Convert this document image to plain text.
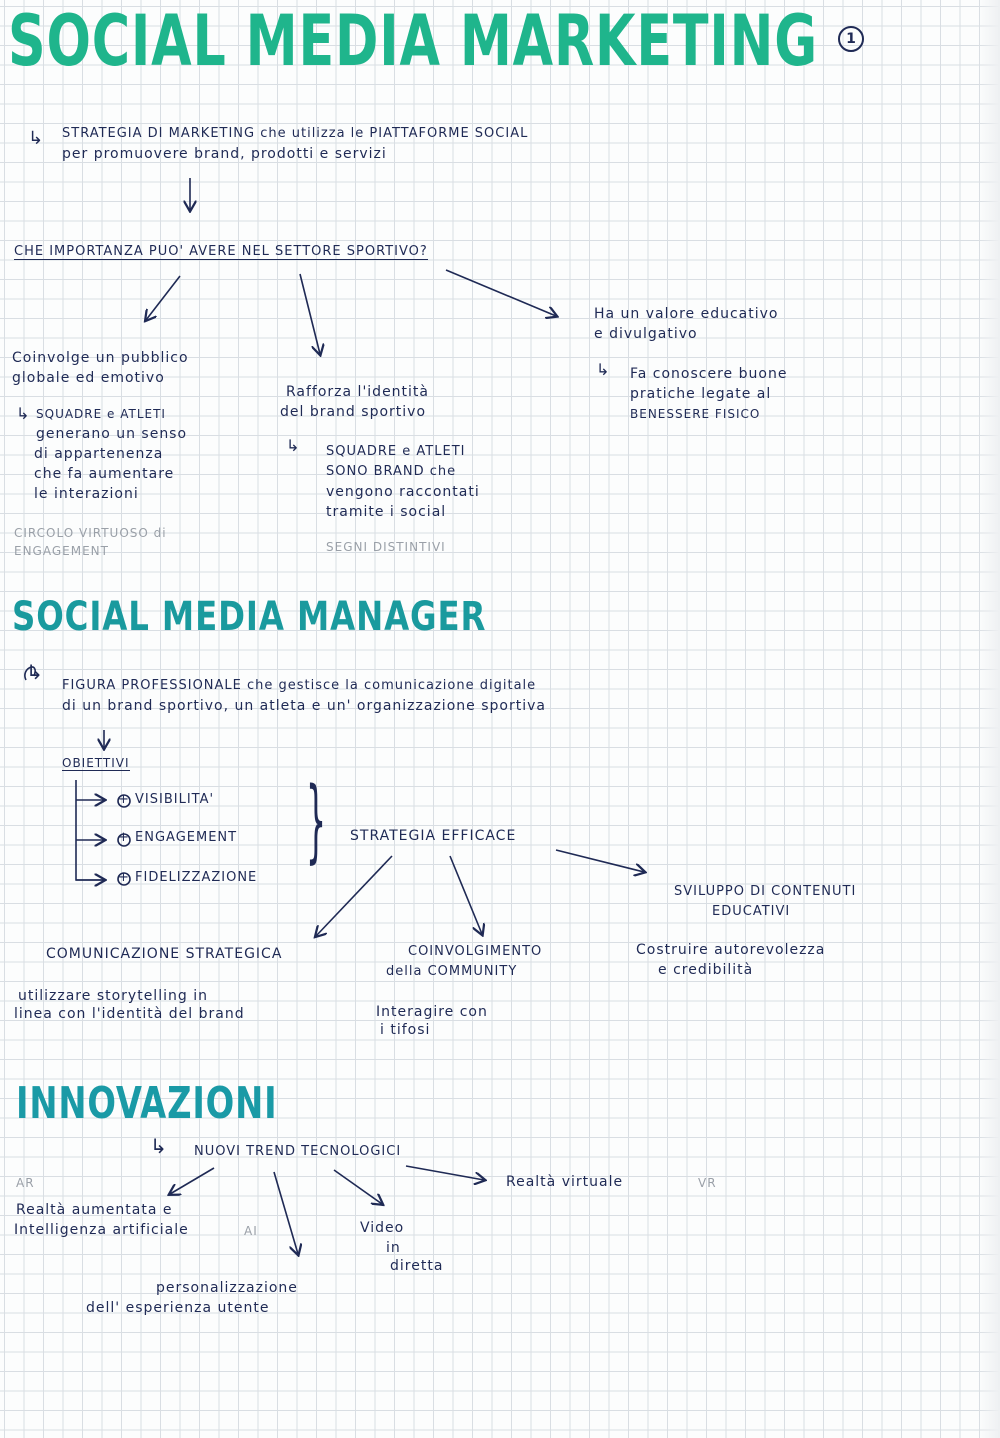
SOCIAL MEDIA MARKETING	1
↳ STRATEGIA DI MARKETING che utilizza le PIATTAFORME SOCIAL
per promuovere brand, prodotti e servizi
CHE IMPORTANZA PUO' AVERE NEL SETTORE SPORTIVO?
Coinvolge un pubblico
globale ed emotivo
↳ SQUADRE e ATLETI
generano un senso
di appartenenza
che fa aumentare
le interazioni
CIRCOLO VIRTUOSO di
ENGAGEMENT
Rafforza l'identità
del brand sportivo
↳ SQUADRE e ATLETI
SONO BRAND che
vengono raccontati
tramite i social
SEGNI DISTINTIVI
Ha un valore educativo
e divulgativo
↳ Fa conoscere buone
pratiche legate al
BENESSERE FISICO
SOCIAL MEDIA MANAGER
↳
FIGURA PROFESSIONALE che gestisce la comunicazione digitale
di un brand sportivo, un atleta e un' organizzazione sportiva
OBIETTIVI
+ VISIBILITA'
+ ENGAGEMENT
+ FIDELIZZAZIONE
} STRATEGIA EFFICACE
COMUNICAZIONE STRATEGICA
utilizzare storytelling in
linea con l'identità del brand
COINVOLGIMENTO
della COMMUNITY
Interagire con
i tifosi
SVILUPPO DI CONTENUTI
EDUCATIVI
Costruire autorevolezza
e credibilità
INNOVAZIONI
↳ NUOVI TREND TECNOLOGICI
AR
Realtà aumentata e
Intelligenza artificiale	AI
personalizzazione
dell' esperienza utente
Video
in
diretta
Realtà virtuale	VR
